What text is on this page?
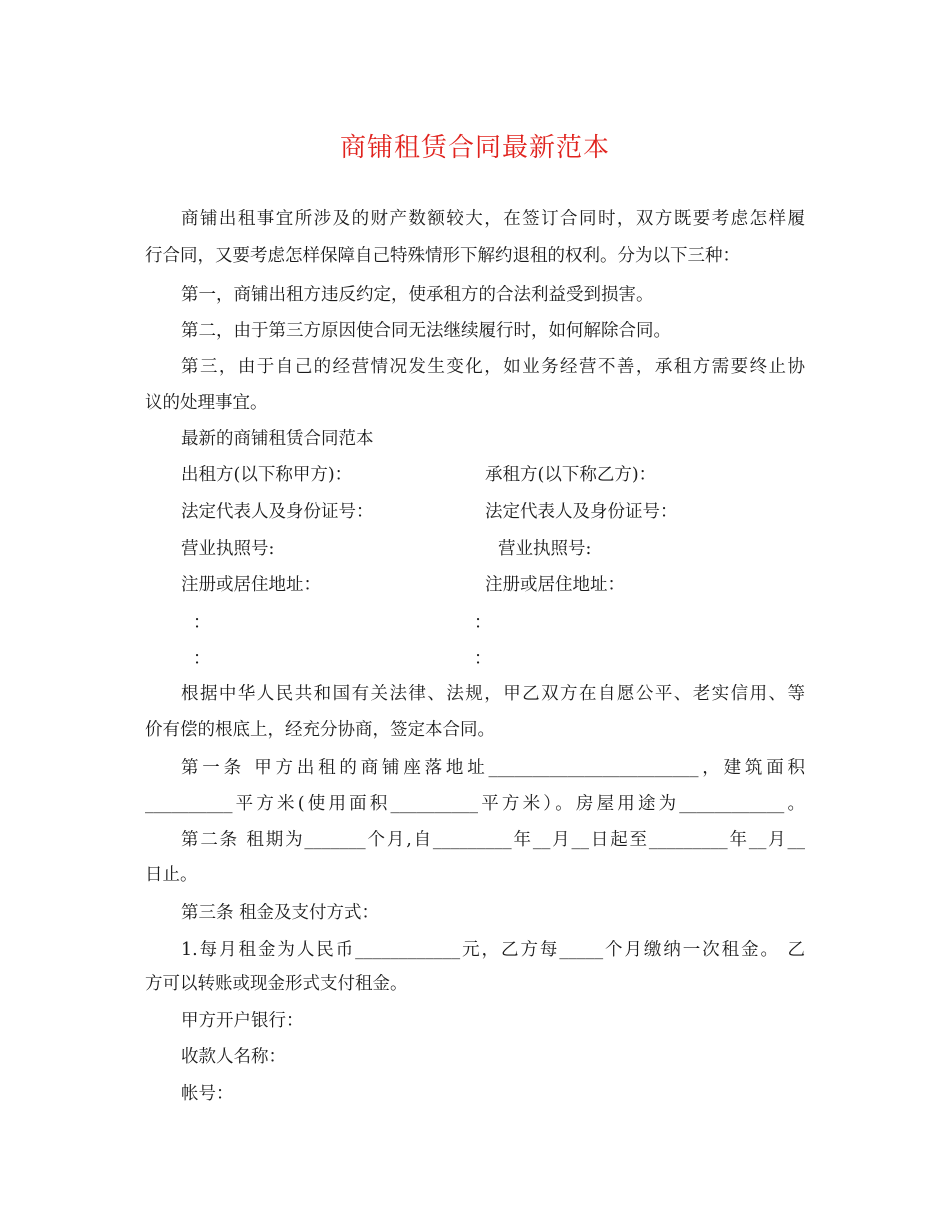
商铺租赁合同最新范本
商铺出租事宜所涉及的财产数额较大，在签订合同时，双方既要考虑怎样履
行合同，又要考虑怎样保障自己特殊情形下解约退租的权利。分为以下三种：
第一，商铺出租方违反约定，使承租方的合法利益受到损害。
第二，由于第三方原因使合同无法继续履行时，如何解除合同。
第三，由于自己的经营情况发生变化，如业务经营不善，承租方需要终止协
议的处理事宜。
最新的商铺租赁合同范本
出租方(以下称甲方)：	承租方(以下称乙方)：
法定代表人及身份证号：	法定代表人及身份证号：
营业执照号:	营业执照号:
注册或居住地址：	注册或居住地址：
：	：
：	：
根据中华人民共和国有关法律、法规，甲乙双方在自愿公平、老实信用、等
价有偿的根底上，经充分协商，签定本合同。
第一条 甲方出租的商铺座落地址________________________，建筑面积
__________平方米(使用面积__________平方米）。房屋用途为____________。
第二条 租期为_______个月,自_________年__月__日起至_________年__月__
日止。
第三条 租金及支付方式：
1.每月租金为人民币____________元，乙方每_____个月缴纳一次租金。 乙
方可以转账或现金形式支付租金。
甲方开户银行：
收款人名称：
帐号：
